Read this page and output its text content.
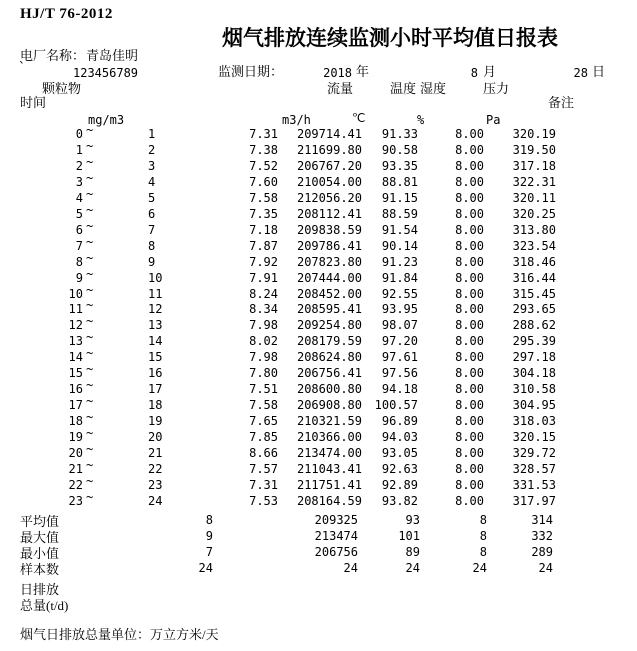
HJ/T 76-2012
烟气排放连续监测小时平均值日报表
电厂名称： 青岛佳明
`	123456789	监测日期：	2018 年	8 月	28 日
颗粒物	流量	温度 湿度	压力
时间	备注
mg/m3	m3/h	℃	%	Pa
0 ~	1	7.31	209714.41	91.33	8.00	320.19
1 ~	2	7.38	211699.80	90.58	8.00	319.50
2 ~	3	7.52	206767.20	93.35	8.00	317.18
3 ~	4	7.60	210054.00	88.81	8.00	322.31
4 ~	5	7.58	212056.20	91.15	8.00	320.11
5 ~	6	7.35	208112.41	88.59	8.00	320.25
6 ~	7	7.18	209838.59	91.54	8.00	313.80
7 ~	8	7.87	209786.41	90.14	8.00	323.54
8 ~	9	7.92	207823.80	91.23	8.00	318.46
9 ~	10	7.91	207444.00	91.84	8.00	316.44
10 ~	11	8.24	208452.00	92.55	8.00	315.45
11 ~	12	8.34	208595.41	93.95	8.00	293.65
12 ~	13	7.98	209254.80	98.07	8.00	288.62
13 ~	14	8.02	208179.59	97.20	8.00	295.39
14 ~	15	7.98	208624.80	97.61	8.00	297.18
15 ~	16	7.80	206756.41	97.56	8.00	304.18
16 ~	17	7.51	208600.80	94.18	8.00	310.58
17 ~	18	7.58	206908.80	100.57	8.00	304.95
18 ~	19	7.65	210321.59	96.89	8.00	318.03
19 ~	20	7.85	210366.00	94.03	8.00	320.15
20 ~	21	8.66	213474.00	93.05	8.00	329.72
21 ~	22	7.57	211043.41	92.63	8.00	328.57
22 ~	23	7.31	211751.41	92.89	8.00	331.53
23 ~	24	7.53	208164.59	93.82	8.00	317.97
平均值	8	209325	93	8	314
最大值	9	213474	101	8	332
最小值	7	206756	89	8	289
样本数	24	24	24	24	24
日排放
总量(t/d)
烟气日排放总量单位：万立方米/天
